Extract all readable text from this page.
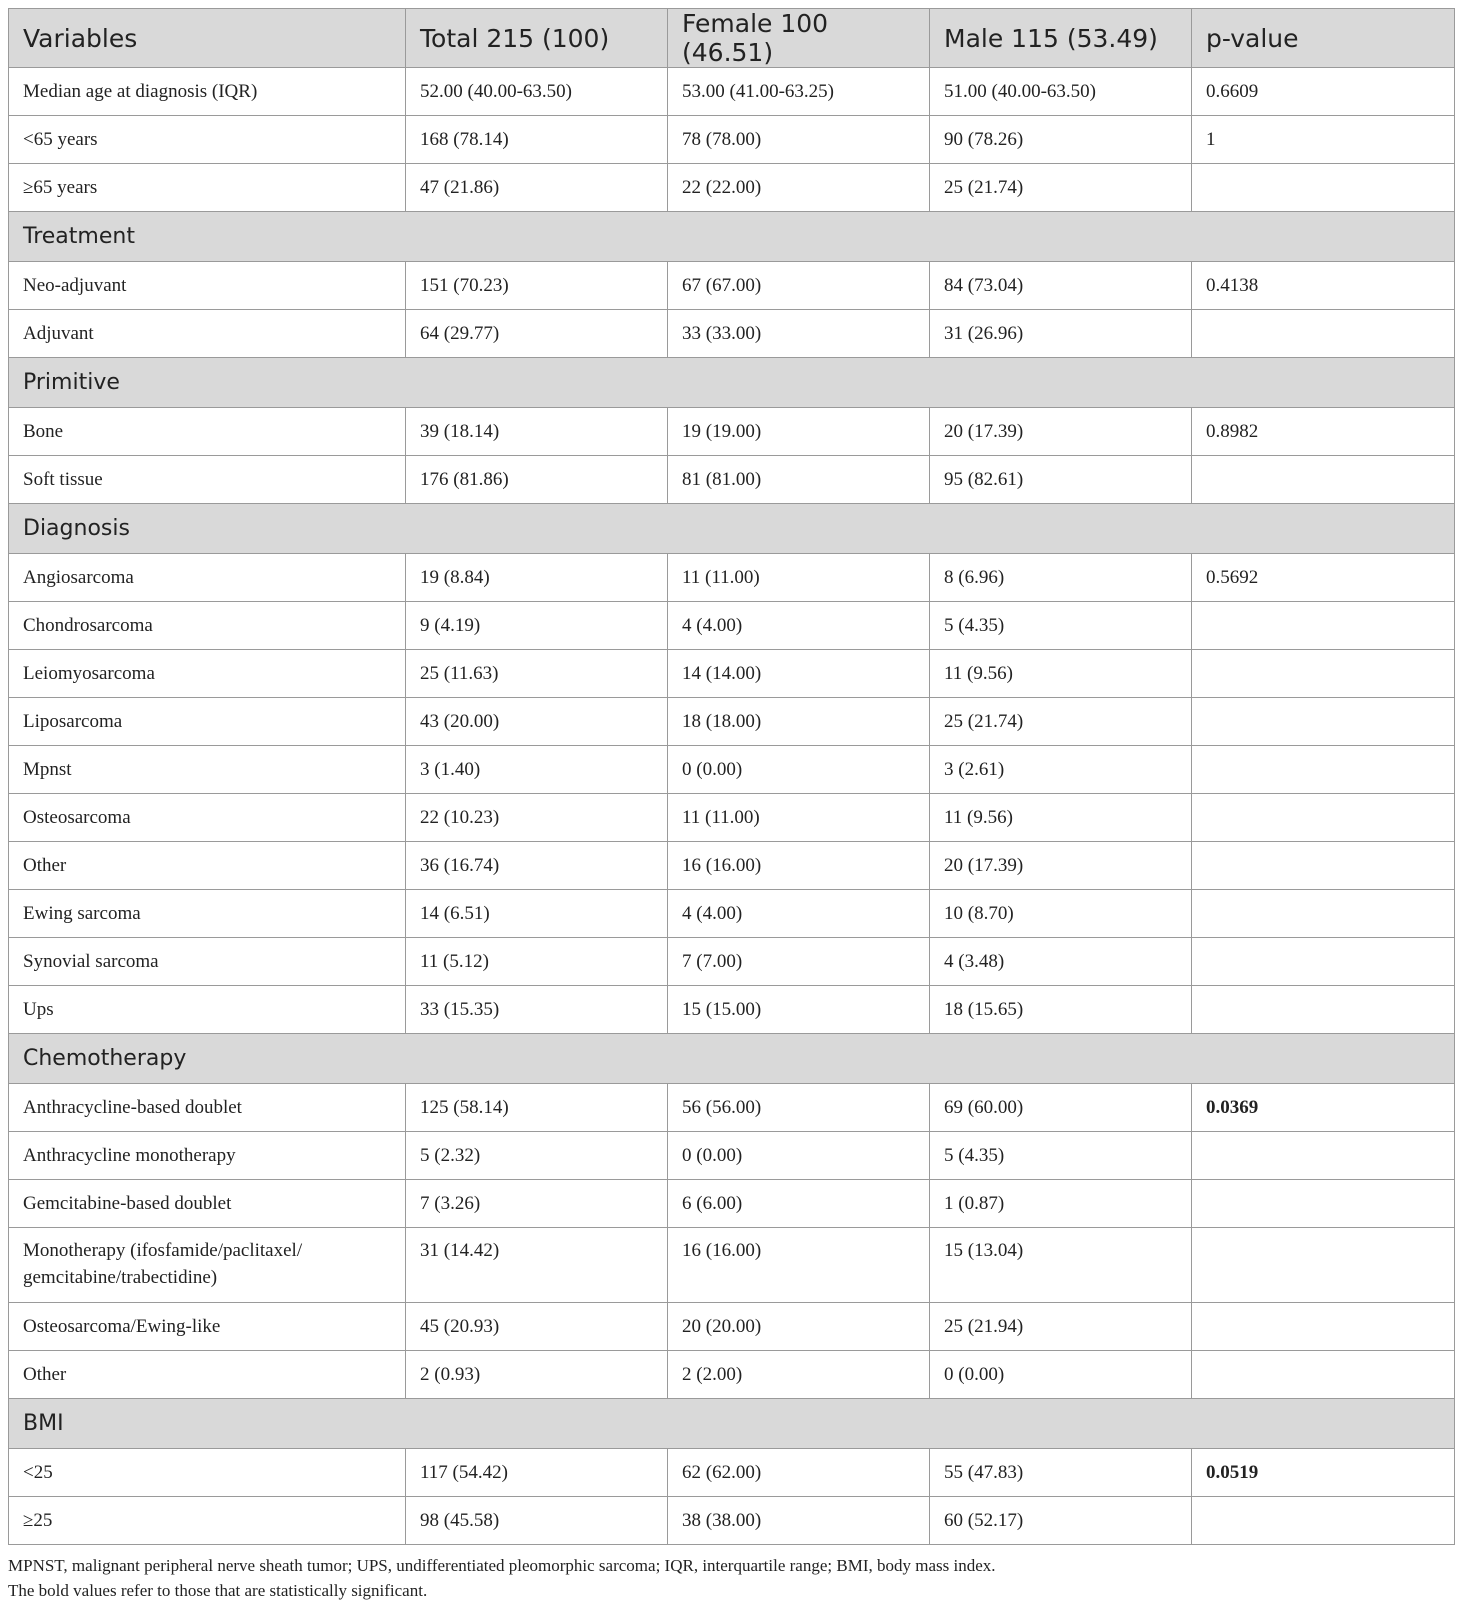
Variables	Total 215 (100)	Female 100 (46.51)	Male 115 (53.49)	p-value
Median age at diagnosis (IQR)	52.00 (40.00-63.50)	53.00 (41.00-63.25)	51.00 (40.00-63.50)	0.6609
<65 years	168 (78.14)	78 (78.00)	90 (78.26)	1
≥65 years	47 (21.86)	22 (22.00)	25 (21.74)	
Treatment				
Neo-adjuvant	151 (70.23)	67 (67.00)	84 (73.04)	0.4138
Adjuvant	64 (29.77)	33 (33.00)	31 (26.96)	
Primitive				
Bone	39 (18.14)	19 (19.00)	20 (17.39)	0.8982
Soft tissue	176 (81.86)	81 (81.00)	95 (82.61)	
Diagnosis				
Angiosarcoma	19 (8.84)	11 (11.00)	8 (6.96)	0.5692
Chondrosarcoma	9 (4.19)	4 (4.00)	5 (4.35)	
Leiomyosarcoma	25 (11.63)	14 (14.00)	11 (9.56)	
Liposarcoma	43 (20.00)	18 (18.00)	25 (21.74)	
Mpnst	3 (1.40)	0 (0.00)	3 (2.61)	
Osteosarcoma	22 (10.23)	11 (11.00)	11 (9.56)	
Other	36 (16.74)	16 (16.00)	20 (17.39)	
Ewing sarcoma	14 (6.51)	4 (4.00)	10 (8.70)	
Synovial sarcoma	11 (5.12)	7 (7.00)	4 (3.48)	
Ups	33 (15.35)	15 (15.00)	18 (15.65)	
Chemotherapy				
Anthracycline-based doublet	125 (58.14)	56 (56.00)	69 (60.00)	0.0369
Anthracycline monotherapy	5 (2.32)	0 (0.00)	5 (4.35)	
Gemcitabine-based doublet	7 (3.26)	6 (6.00)	1 (0.87)	
Monotherapy (ifosfamide/paclitaxel/ gemcitabine/trabectidine)	31 (14.42)	16 (16.00)	15 (13.04)	
Osteosarcoma/Ewing-like	45 (20.93)	20 (20.00)	25 (21.94)	
Other	2 (0.93)	2 (2.00)	0 (0.00)	
BMI				
<25	117 (54.42)	62 (62.00)	55 (47.83)	0.0519
≥25	98 (45.58)	38 (38.00)	60 (52.17)	
MPNST, malignant peripheral nerve sheath tumor; UPS, undifferentiated pleomorphic sarcoma; IQR, interquartile range; BMI, body mass index.
The bold values refer to those that are statistically significant.
